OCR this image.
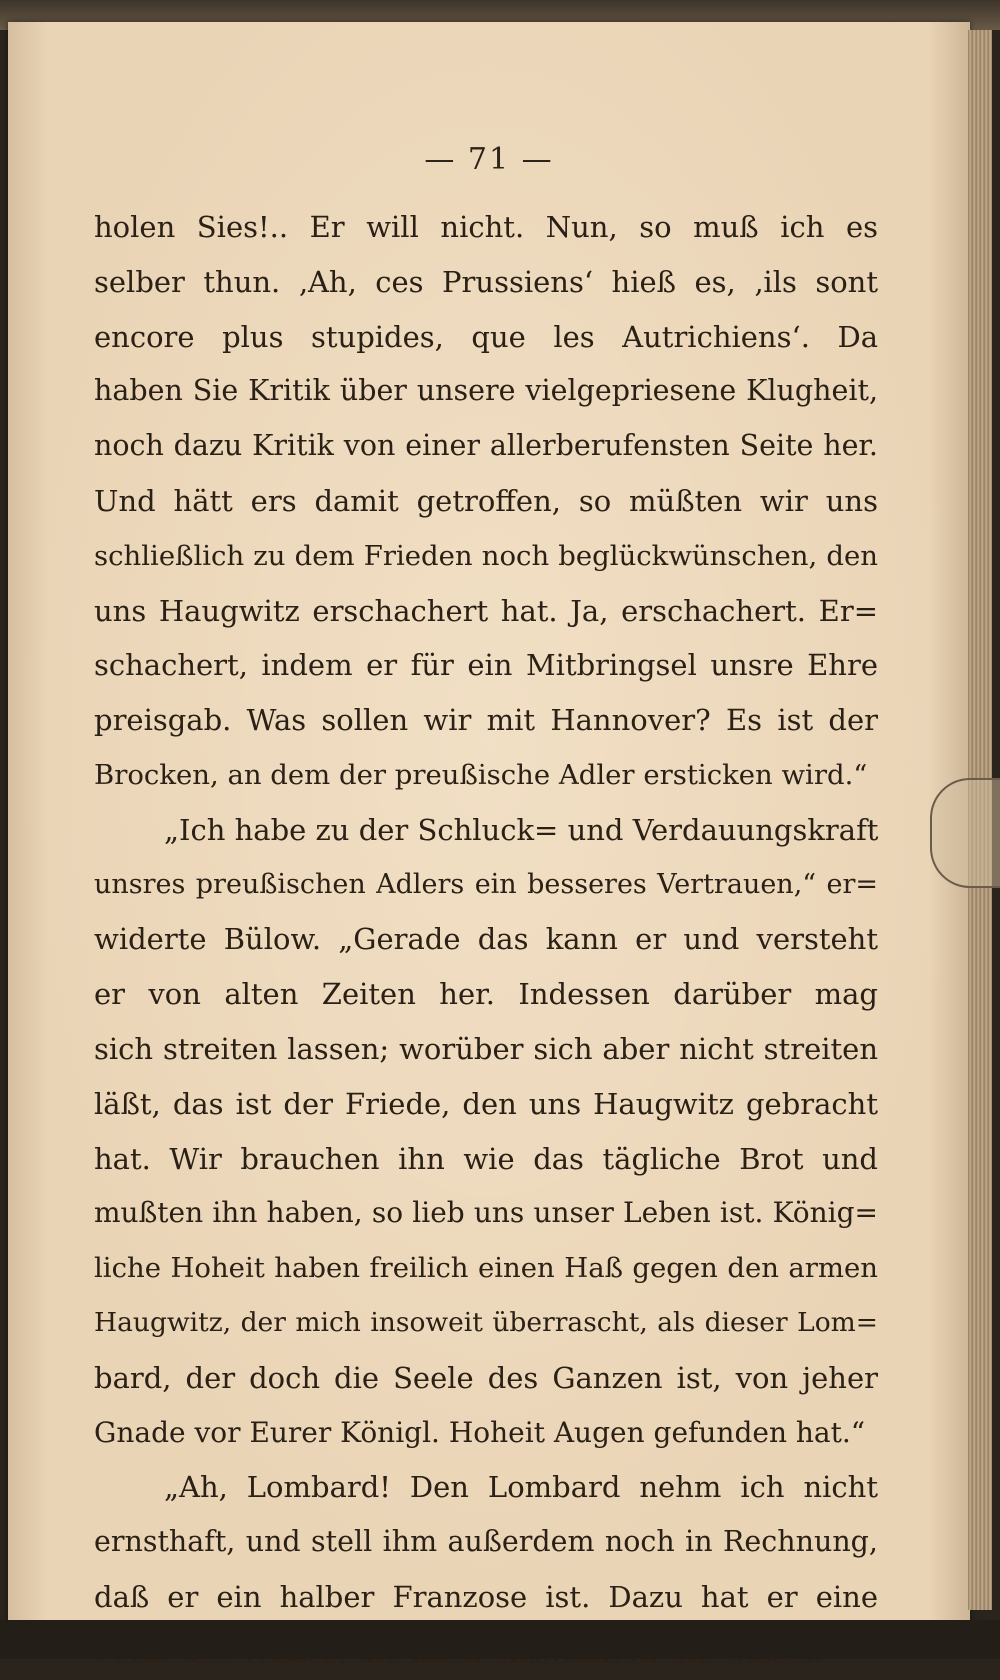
— 71 —
holen Sies!.. Er will nicht. Nun, so muß ich es
selber thun. ‚Ah, ces Prussiens‘ hieß es, ‚ils sont
encore plus stupides, que les Autrichiens‘. Da
haben Sie Kritik über unsere vielgepriesene Klugheit,
noch dazu Kritik von einer allerberufensten Seite her.
Und hätt ers damit getroffen, so müßten wir uns
schließlich zu dem Frieden noch beglückwünschen, den
uns Haugwitz erschachert hat. Ja, erschachert. Er=
schachert, indem er für ein Mitbringsel unsre Ehre
preisgab. Was sollen wir mit Hannover? Es ist der
Brocken, an dem der preußische Adler ersticken wird.“
„Ich habe zu der Schluck= und Verdauungskraft
unsres preußischen Adlers ein besseres Vertrauen,“ er=
widerte Bülow. „Gerade das kann er und versteht
er von alten Zeiten her. Indessen darüber mag
sich streiten lassen; worüber sich aber nicht streiten
läßt, das ist der Friede, den uns Haugwitz gebracht
hat. Wir brauchen ihn wie das tägliche Brot und
mußten ihn haben, so lieb uns unser Leben ist. König=
liche Hoheit haben freilich einen Haß gegen den armen
Haugwitz, der mich insoweit überrascht, als dieser Lom=
bard, der doch die Seele des Ganzen ist, von jeher
Gnade vor Eurer Königl. Hoheit Augen gefunden hat.“
„Ah, Lombard! Den Lombard nehm ich nicht
ernsthaft, und stell ihm außerdem noch in Rechnung,
daß er ein halber Franzose ist. Dazu hat er eine
